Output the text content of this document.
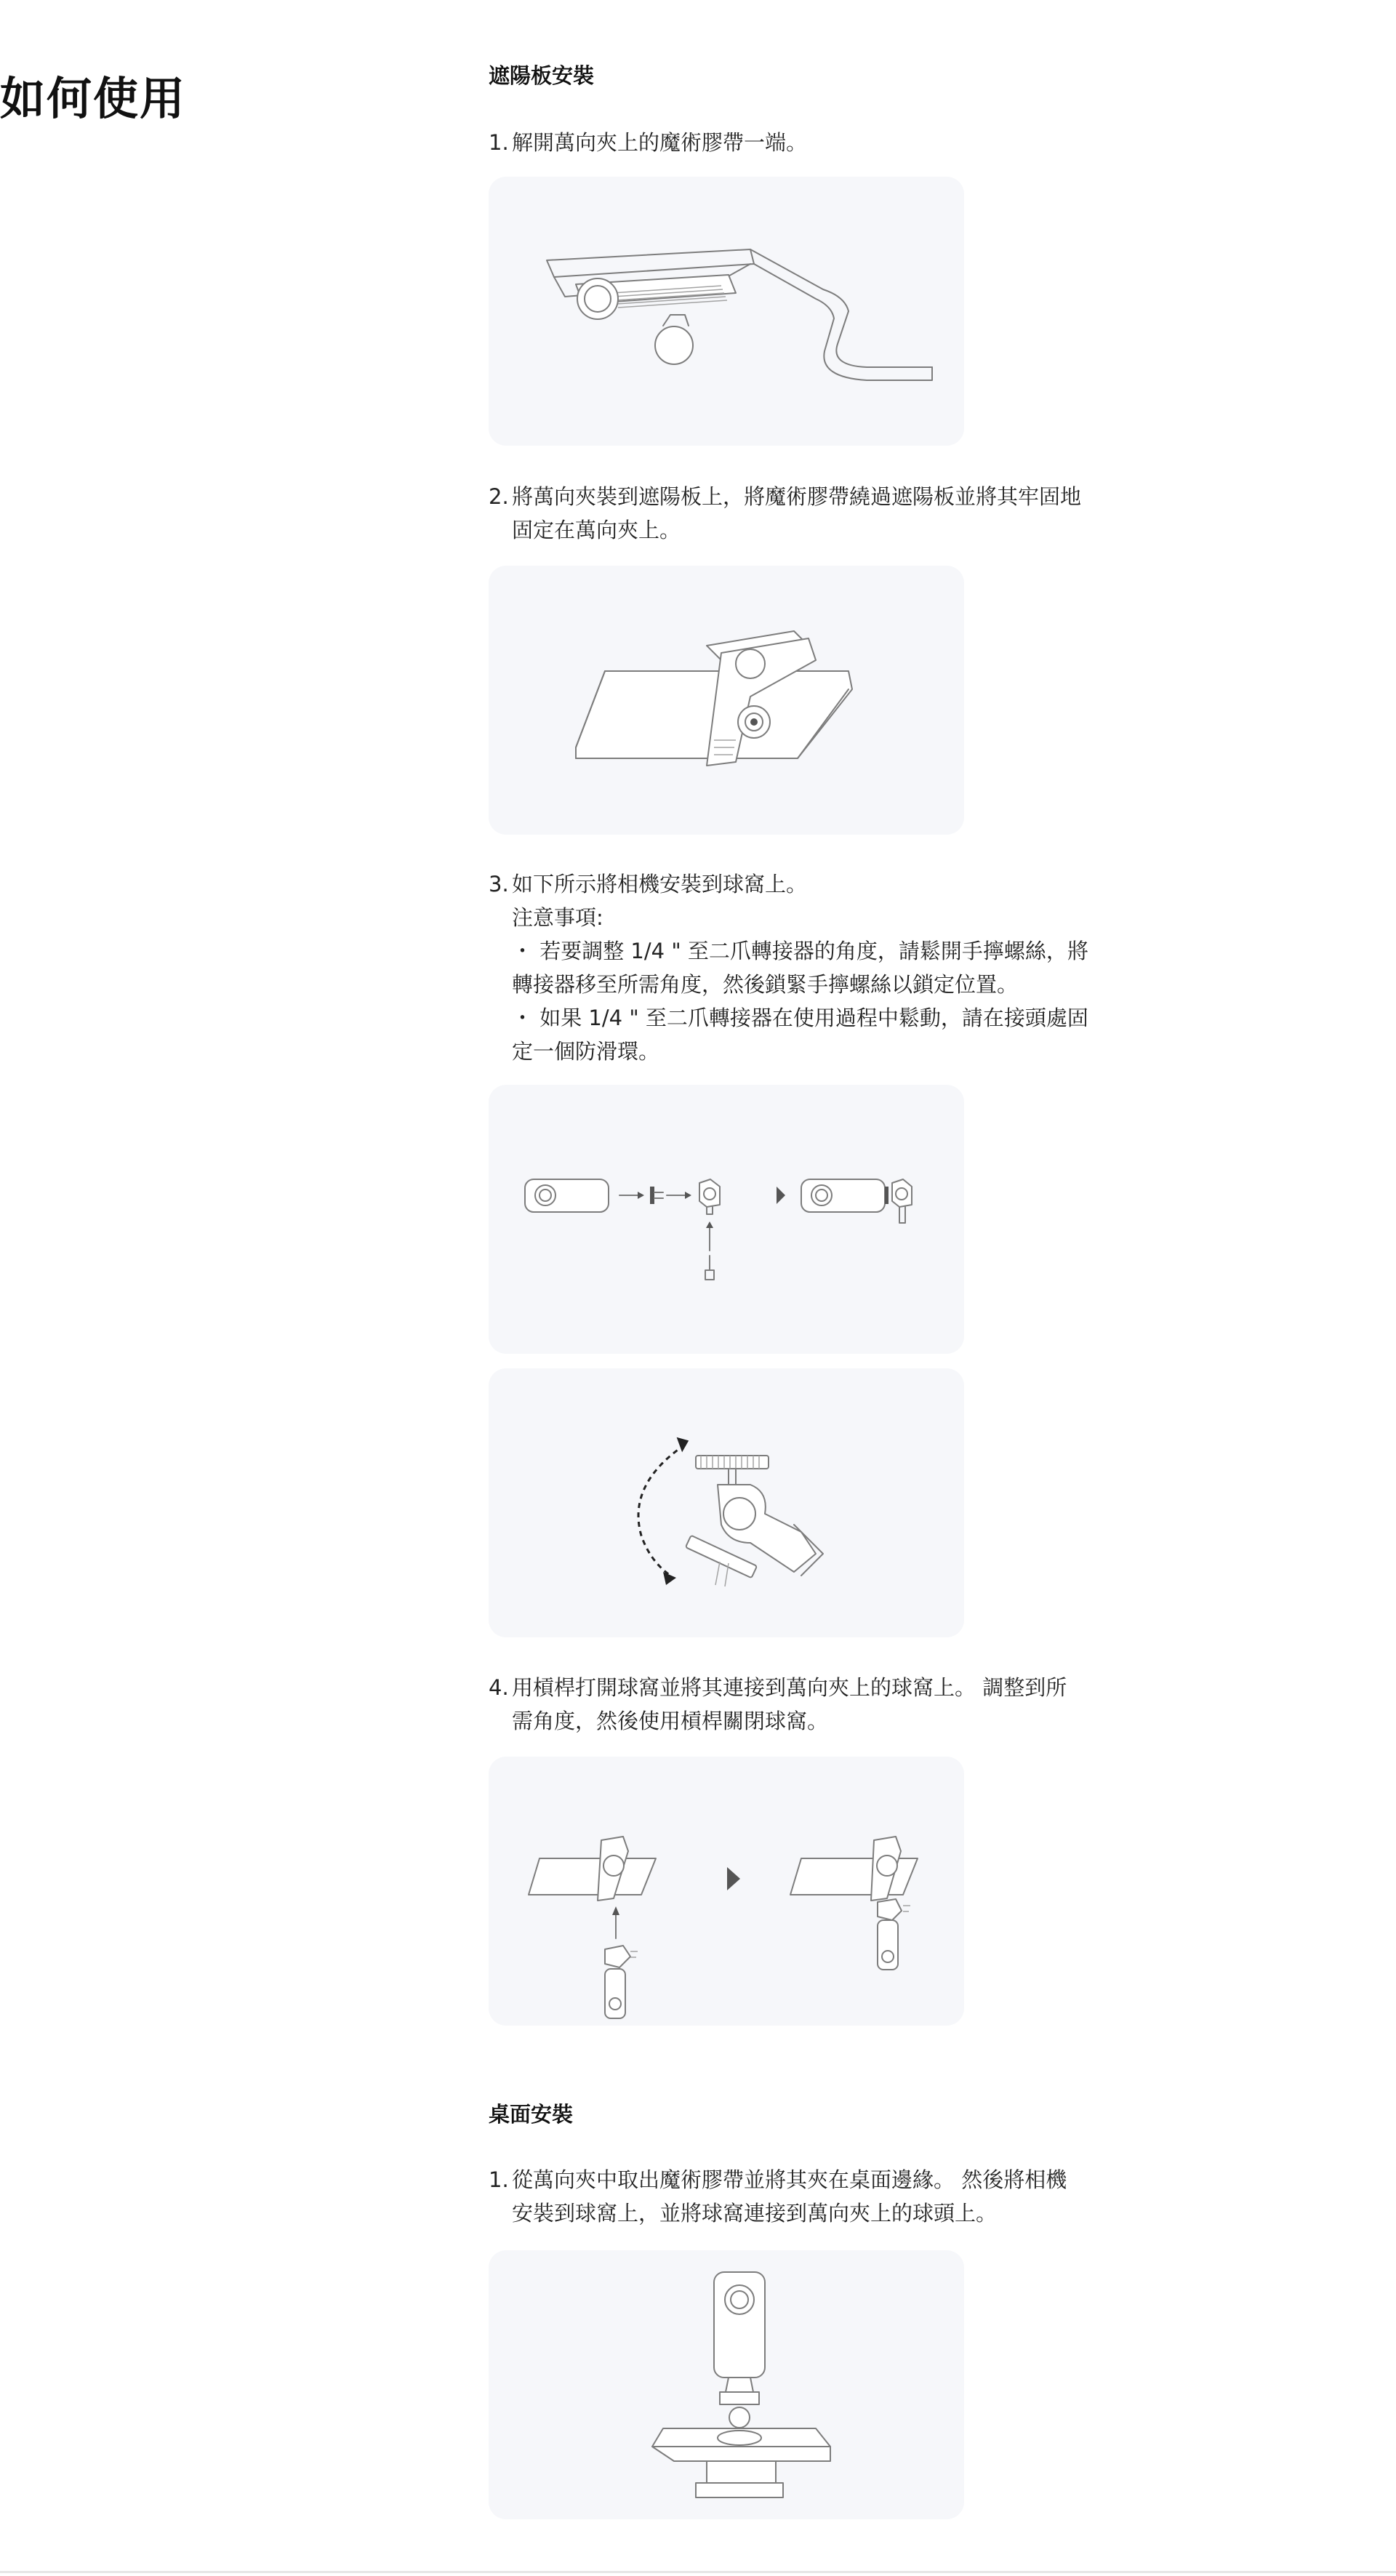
如何使用	遮陽板安裝
1. 解開萬向夾上的魔術膠帶一端。

2. 將萬向夾裝到遮陽板上，將魔術膠帶繞過遮陽板並將其牢固地

固定在萬向夾上。

3. 如下所示將相機安裝到球窩上。

注意事項:

・ 若要調整 1/4 " 至二爪轉接器的角度，請鬆開手擰螺絲，將

轉接器移至所需角度，然後鎖緊手擰螺絲以鎖定位置。

・ 如果 1/4 " 至二爪轉接器在使用過程中鬆動，請在接頭處固

定一個防滑環。

4. 用槓桿打開球窩並將其連接到萬向夾上的球窩上。 調整到所

需角度，然後使用槓桿關閉球窩。

桌面安裝
1. 從萬向夾中取出魔術膠帶並將其夾在桌面邊緣。 然後將相機

安裝到球窩上，並將球窩連接到萬向夾上的球頭上。
